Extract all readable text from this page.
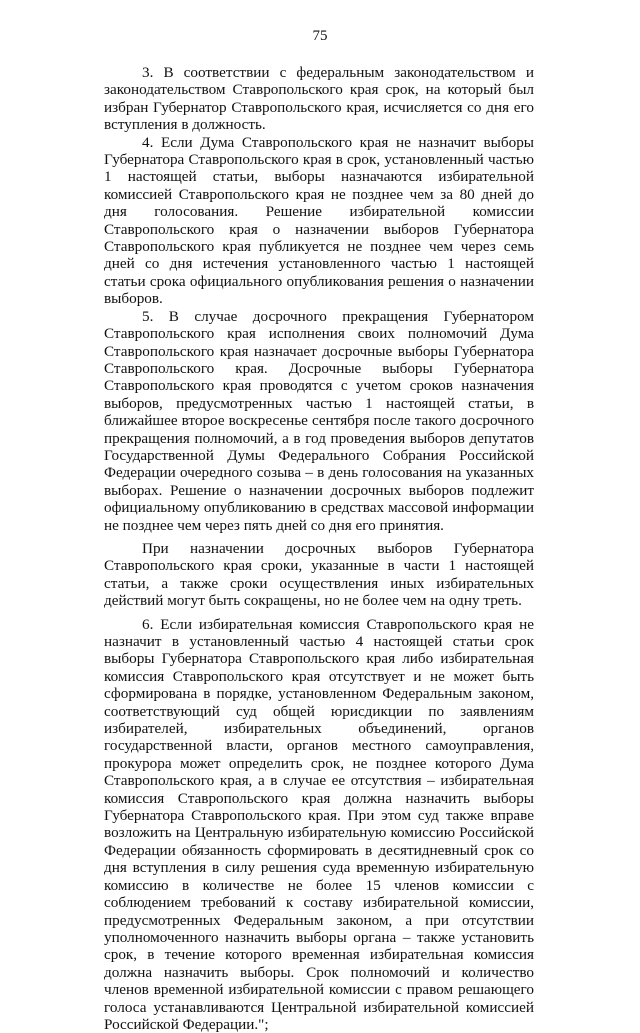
75

3. В соответствии с федеральным законодательством и законодательством Ставропольского края срок, на который был избран Губернатор Ставропольского края, исчисляется со дня его вступления в должность.

4. Если Дума Ставропольского края не назначит выборы Губернатора Ставропольского края в срок, установленный частью 1 настоящей статьи, выборы назначаются избирательной комиссией Ставропольского края не позднее чем за 80 дней до дня голосования. Решение избирательной комиссии Ставропольского края о назначении выборов Губернатора Ставропольского края публикуется не позднее чем через семь дней со дня истечения установленного частью 1 настоящей статьи срока официального опубликования решения о назначении выборов.

5. В случае досрочного прекращения Губернатором Ставропольского края исполнения своих полномочий Дума Ставропольского края назначает досрочные выборы Губернатора Ставропольского края. Досрочные выборы Губернатора Ставропольского края проводятся с учетом сроков назначения выборов, предусмотренных частью 1 настоящей статьи, в ближайшее второе воскресенье сентября после такого досрочного прекращения полномочий, а в год проведения выборов депутатов Государственной Думы Федерального Собрания Российской Федерации очередного созыва – в день голосования на указанных выборах. Решение о назначении досрочных выборов подлежит официальному опубликованию в средствах массовой информации не позднее чем через пять дней со дня его принятия.

При назначении досрочных выборов Губернатора Ставропольского края сроки, указанные в части 1 настоящей статьи, а также сроки осуществления иных избирательных действий могут быть сокращены, но не более чем на одну треть.

6. Если избирательная комиссия Ставропольского края не назначит в установленный частью 4 настоящей статьи срок выборы Губернатора Ставропольского края либо избирательная комиссия Ставропольского края отсутствует и не может быть сформирована в порядке, установленном Федеральным законом, соответствующий суд общей юрисдикции по заявлениям избирателей, избирательных объединений, органов государственной власти, органов местного самоуправления, прокурора может определить срок, не позднее которого Дума Ставропольского края, а в случае ее отсутствия – избирательная комиссия Ставропольского края должна назначить выборы Губернатора Ставропольского края. При этом суд также вправе возложить на Центральную избирательную комиссию Российской Федерации обязанность сформировать в десятидневный срок со дня вступления в силу решения суда временную избирательную комиссию в количестве не более 15 членов комиссии с соблюдением требований к составу избирательной комиссии, предусмотренных Федеральным законом, а при отсутствии уполномоченного назначить выборы органа – также установить срок, в течение которого временная избирательная комиссия должна назначить выборы. Срок полномочий и количество членов временной избирательной комиссии с правом решающего голоса устанавливаются Центральной избирательной комиссией Российской Федерации.";
